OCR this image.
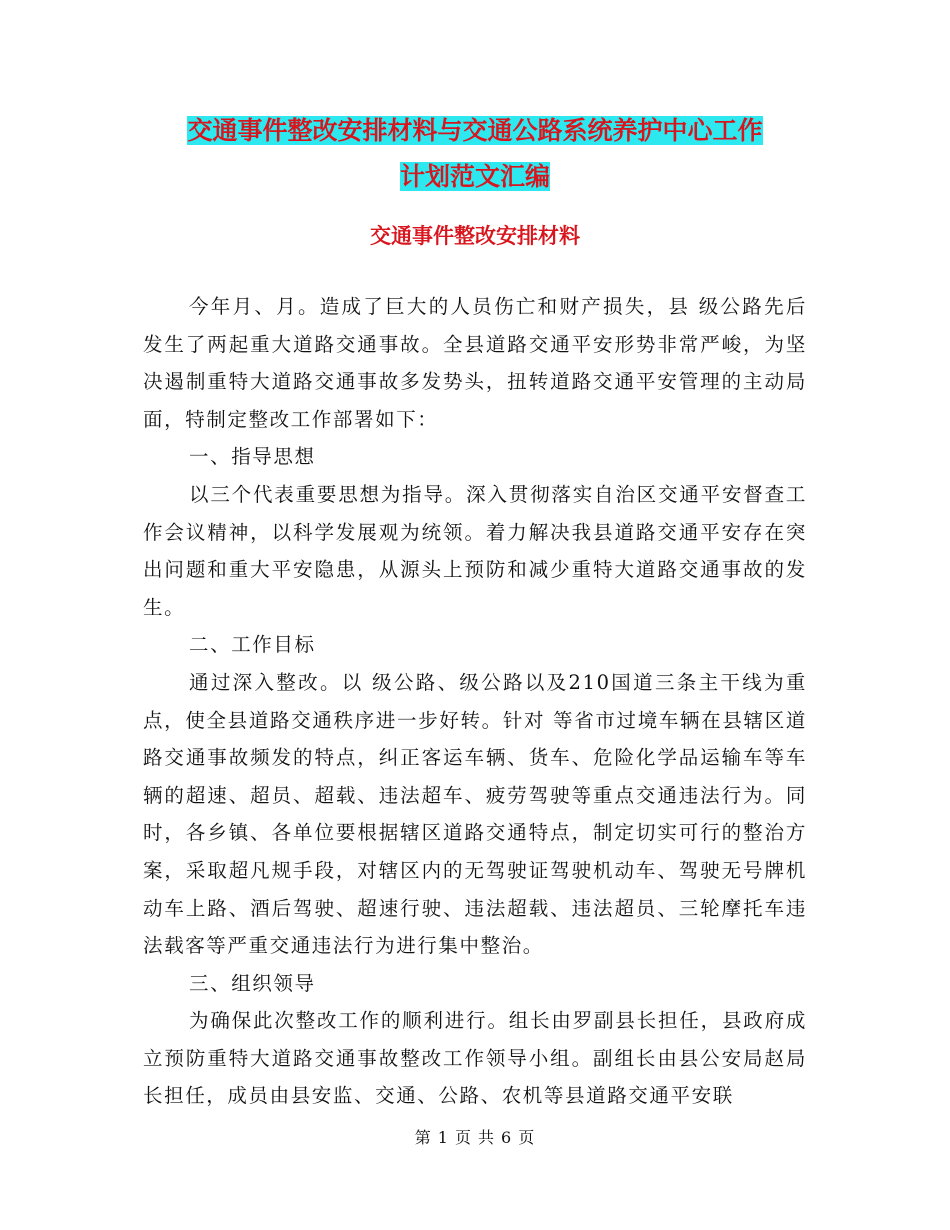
交通事件整改安排材料与交通公路系统养护中心工作
计划范文汇编
交通事件整改安排材料

今年月、月。造成了巨大的人员伤亡和财产损失，县 级公路先后发生了两起重大道路交通事故。全县道路交通平安形势非常严峻，为坚决遏制重特大道路交通事故多发势头，扭转道路交通平安管理的主动局面，特制定整改工作部署如下：

一、指导思想

以三个代表重要思想为指导。深入贯彻落实自治区交通平安督查工作会议精神，以科学发展观为统领。着力解决我县道路交通平安存在突出问题和重大平安隐患，从源头上预防和减少重特大道路交通事故的发生。

二、工作目标

通过深入整改。以 级公路、级公路以及210国道三条主干线为重点，使全县道路交通秩序进一步好转。针对 等省市过境车辆在县辖区道路交通事故频发的特点，纠正客运车辆、货车、危险化学品运输车等车辆的超速、超员、超载、违法超车、疲劳驾驶等重点交通违法行为。同时，各乡镇、各单位要根据辖区道路交通特点，制定切实可行的整治方案，采取超凡规手段，对辖区内的无驾驶证驾驶机动车、驾驶无号牌机动车上路、酒后驾驶、超速行驶、违法超载、违法超员、三轮摩托车违法载客等严重交通违法行为进行集中整治。

三、组织领导

为确保此次整改工作的顺利进行。组长由罗副县长担任，县政府成立预防重特大道路交通事故整改工作领导小组。副组长由县公安局赵局长担任，成员由县安监、交通、公路、农机等县道路交通平安联

第 1 页 共 6 页
